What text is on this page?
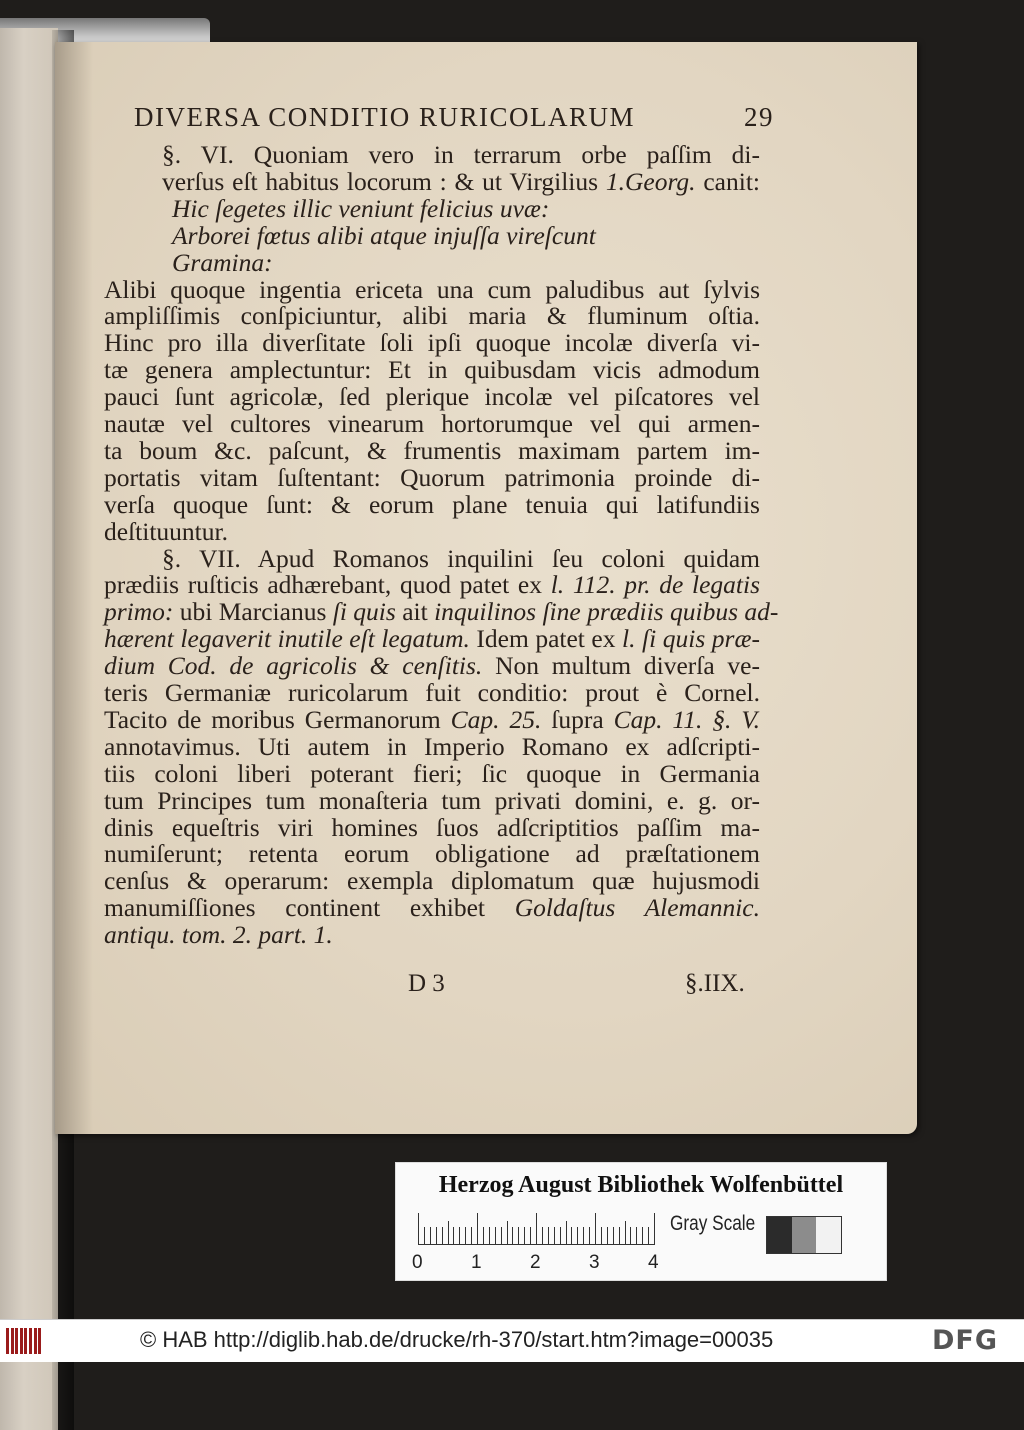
DIVERSA CONDITIO RURICOLARUM	29
§. VI. Quoniam vero in terrarum orbe paſſim di-
verſus eſt habitus locorum : & ut Virgilius 1.Georg. canit:
Hic ſegetes illic veniunt felicius uvæ:
Arborei fœtus alibi atque injuſſa vireſcunt
Gramina:
Alibi quoque ingentia ericeta una cum paludibus aut ſylvis
ampliſſimis conſpiciuntur, alibi maria & fluminum oſtia.
Hinc pro illa diverſitate ſoli ipſi quoque incolæ diverſa vi-
tæ genera amplectuntur: Et in quibusdam vicis admodum
pauci ſunt agricolæ, ſed plerique incolæ vel piſcatores vel
nautæ vel cultores vinearum hortorumque vel qui armen-
ta boum &c. paſcunt, & frumentis maximam partem im-
portatis vitam ſuſtentant: Quorum patrimonia proinde di-
verſa quoque ſunt: & eorum plane tenuia qui latifundiis
deſtituuntur.
§. VII. Apud Romanos inquilini ſeu coloni quidam
prædiis ruſticis adhærebant, quod patet ex l. 112. pr. de legatis
primo: ubi Marcianus ſi quis ait inquilinos ſine prædiis quibus ad-
hærent legaverit inutile eſt legatum. Idem patet ex l. ſi quis præ-
dium Cod. de agricolis & cenſitis. Non multum diverſa ve-
teris Germaniæ ruricolarum fuit conditio: prout è Cornel.
Tacito de moribus Germanorum Cap. 25. ſupra Cap. 11. §. V.
annotavimus. Uti autem in Imperio Romano ex adſcripti-
tiis coloni liberi poterant fieri; ſic quoque in Germania
tum Principes tum monaſteria tum privati domini, e. g. or-
dinis equeſtris viri homines ſuos adſcriptitios paſſim ma-
numiſerunt; retenta eorum obligatione ad præſtationem
cenſus & operarum: exempla diplomatum quæ hujusmodi
manumiſſiones continent exhibet Goldaſtus Alemannic.
antiqu. tom. 2. part. 1.
D 3	§.IIX.
Herzog August Bibliothek Wolfenbüttel
0	1	2	3	4
Gray Scale
© HAB http://diglib.hab.de/drucke/rh-370/start.htm?image=00035	DFG
